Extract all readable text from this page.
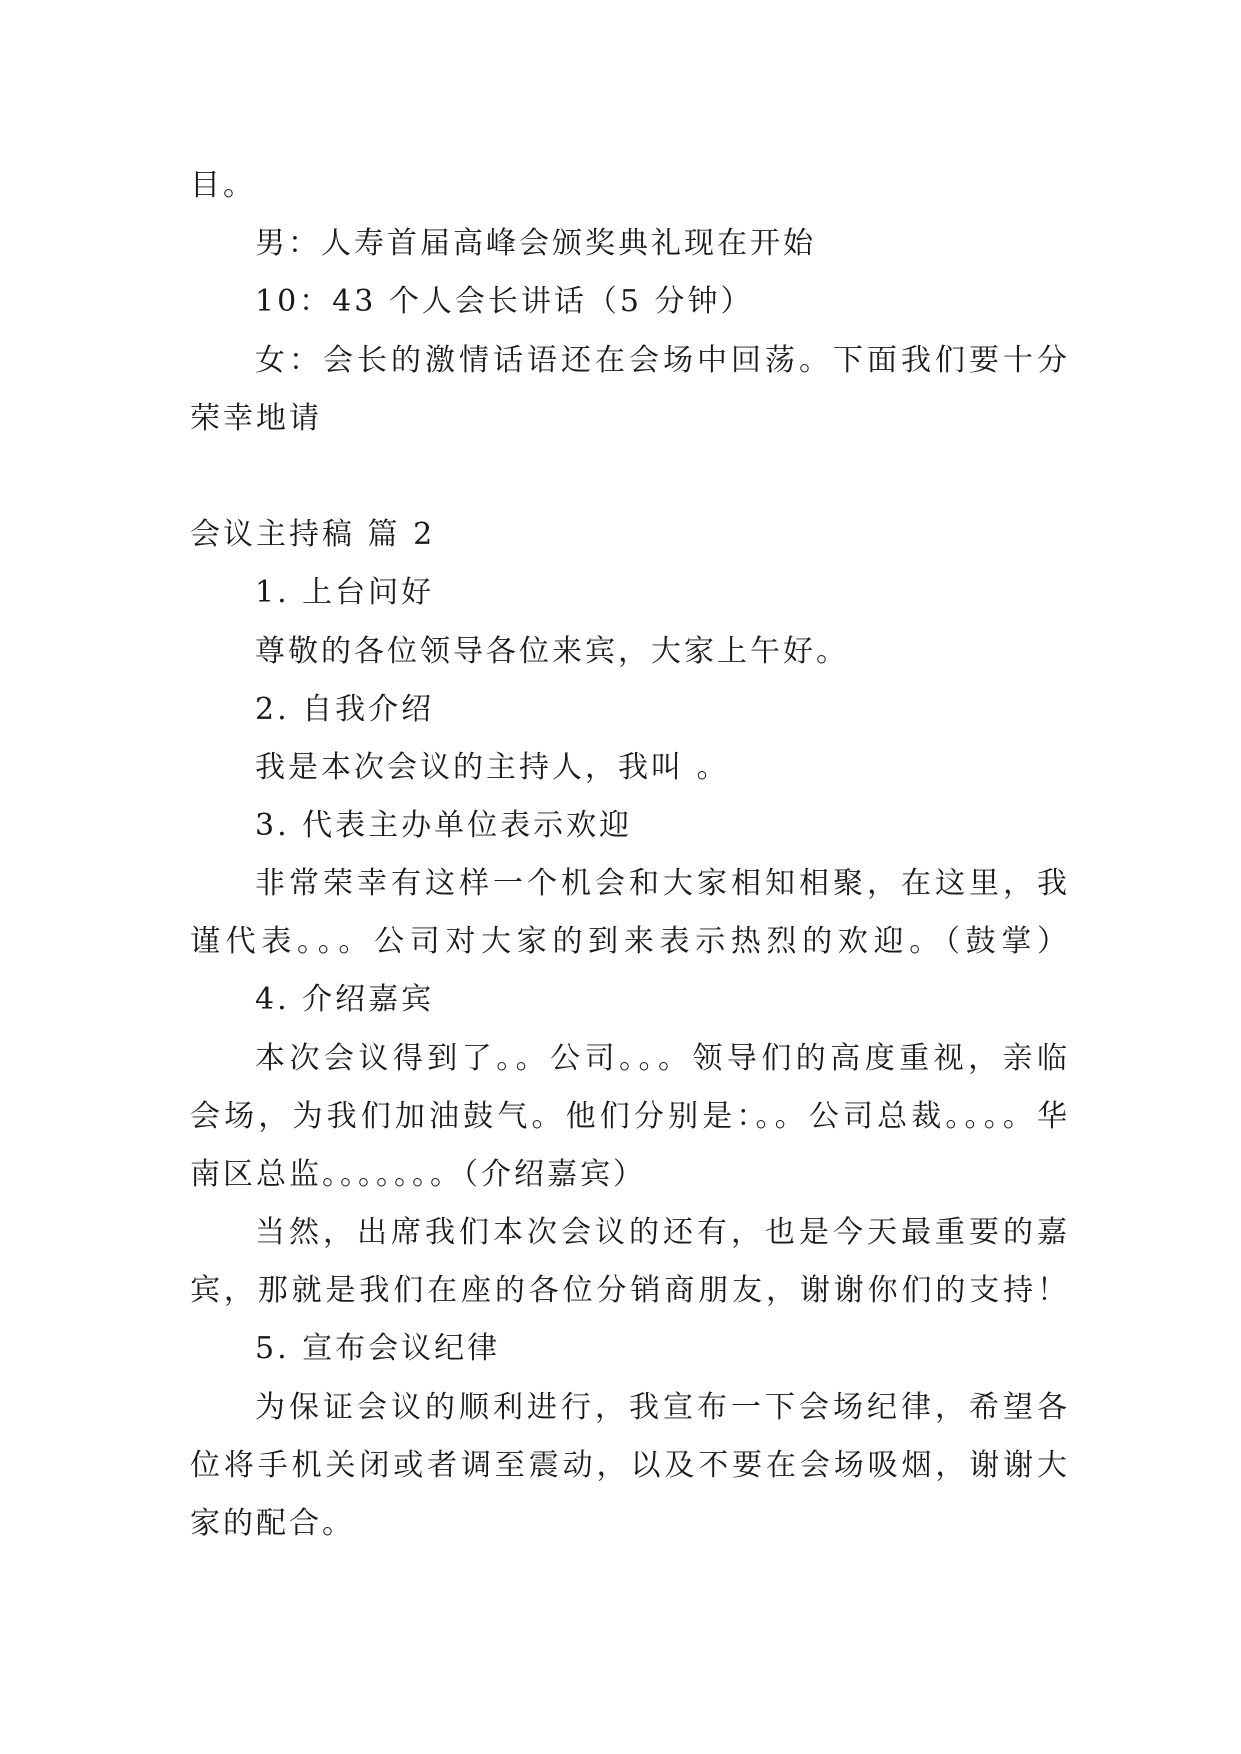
目。
男：人寿首届高峰会颁奖典礼现在开始
10：43 个人会长讲话（5 分钟）
女：会长的激情话语还在会场中回荡。下面我们要十分
荣幸地请
会议主持稿 篇 2
1. 上台问好
尊敬的各位领导各位来宾，大家上午好。
2. 自我介绍
我是本次会议的主持人，我叫 。
3. 代表主办单位表示欢迎
非常荣幸有这样一个机会和大家相知相聚，在这里，我
谨代表。。。公司对大家的到来表示热烈的欢迎。（鼓掌）
4. 介绍嘉宾
本次会议得到了。。公司。。。领导们的高度重视，亲临
会场，为我们加油鼓气。他们分别是：。。公司总裁。。。。华
南区总监。。。。。。。（介绍嘉宾）
当然，出席我们本次会议的还有，也是今天最重要的嘉
宾，那就是我们在座的各位分销商朋友，谢谢你们的支持！
5. 宣布会议纪律
为保证会议的顺利进行，我宣布一下会场纪律，希望各
位将手机关闭或者调至震动，以及不要在会场吸烟，谢谢大
家的配合。
